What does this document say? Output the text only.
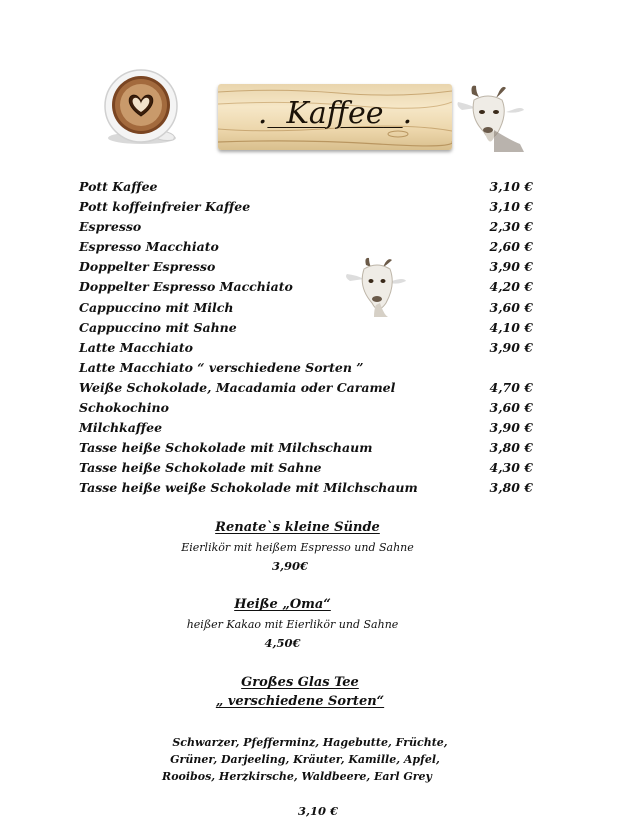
. Kaffee .
Pott Kaffee	3,10 €
Pott koffeinfreier Kaffee	3,10 €
Espresso	2,30 €
Espresso Macchiato	2,60 €
Doppelter Espresso	3,90 €
Doppelter Espresso Macchiato	4,20 €
Cappuccino mit Milch	3,60 €
Cappuccino mit Sahne	4,10 €
Latte Macchiato	3,90 €
Latte Macchiato “ verschiedene Sorten ”
Weiße Schokolade, Macadamia oder Caramel	4,70 €
Schokochino	3,60 €
Milchkaffee	3,90 €
Tasse heiße Schokolade mit Milchschaum	3,80 €
Tasse heiße Schokolade mit Sahne	4,30 €
Tasse heiße weiße Schokolade mit Milchschaum	3,80 €
Renate`s kleine Sünde
Eierlikör mit heißem Espresso und Sahne
3,90€
Heiße „Oma“
heißer Kakao mit Eierlikör und Sahne
4,50€
Großes Glas Tee
„ verschiedene Sorten“
Schwarzer, Pfefferminz, Hagebutte, Früchte,
Grüner, Darjeeling, Kräuter, Kamille, Apfel,
Rooibos, Herzkirsche, Waldbeere, Earl Grey
3,10 €
